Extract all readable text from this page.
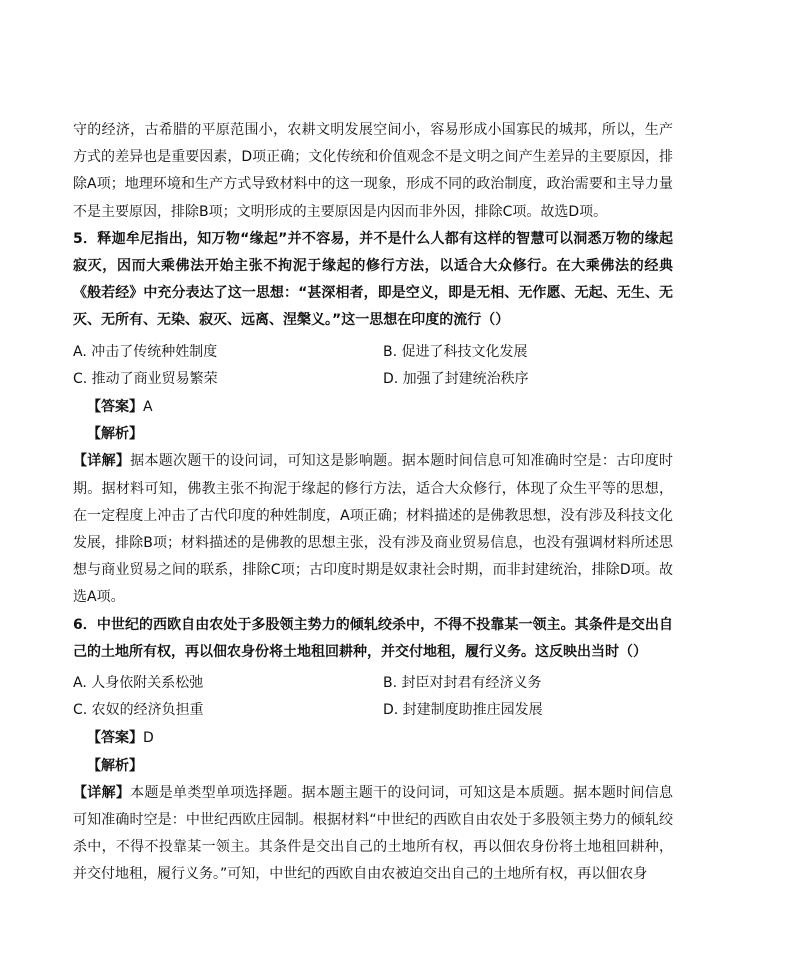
守的经济，古希腊的平原范围小，农耕文明发展空间小，容易形成小国寡民的城邦，所以，生产方式的差异也是重要因素，D项正确；文化传统和价值观念不是文明之间产生差异的主要原因，排除A项；地理环境和生产方式导致材料中的这一现象，形成不同的政治制度，政治需要和主导力量不是主要原因，排除B项；文明形成的主要原因是内因而非外因，排除C项。故选D项。

5．释迦牟尼指出，知万物“缘起”并不容易，并不是什么人都有这样的智慧可以洞悉万物的缘起寂灭，因而大乘佛法开始主张不拘泥于缘起的修行方法，以适合大众修行。在大乘佛法的经典《般若经》中充分表达了这一思想：“甚深相者，即是空义，即是无相、无作愿、无起、无生、无灭、无所有、无染、寂灭、远离、涅槃义。”这一思想在印度的流行（）

A. 冲击了传统种姓制度	B. 促进了科技文化发展
C. 推动了商业贸易繁荣	D. 加强了封建统治秩序

【答案】A

【解析】

【详解】据本题次题干的设问词，可知这是影响题。据本题时间信息可知准确时空是：古印度时期。据材料可知，佛教主张不拘泥于缘起的修行方法，适合大众修行，体现了众生平等的思想，在一定程度上冲击了古代印度的种姓制度，A项正确；材料描述的是佛教思想，没有涉及科技文化发展，排除B项；材料描述的是佛教的思想主张，没有涉及商业贸易信息，也没有强调材料所述思想与商业贸易之间的联系，排除C项；古印度时期是奴隶社会时期，而非封建统治，排除D项。故选A项。

6．中世纪的西欧自由农处于多股领主势力的倾轧绞杀中，不得不投靠某一领主。其条件是交出自己的土地所有权，再以佃农身份将土地租回耕种，并交付地租，履行义务。这反映出当时（）

A. 人身依附关系松弛	B. 封臣对封君有经济义务
C. 农奴的经济负担重	D. 封建制度助推庄园发展

【答案】D

【解析】

【详解】本题是单类型单项选择题。据本题主题干的设问词，可知这是本质题。据本题时间信息可知准确时空是：中世纪西欧庄园制。根据材料“中世纪的西欧自由农处于多股领主势力的倾轧绞杀中，不得不投靠某一领主。其条件是交出自己的土地所有权，再以佃农身份将土地租回耕种，并交付地租，履行义务。”可知，中世纪的西欧自由农被迫交出自己的土地所有权，再以佃农身
